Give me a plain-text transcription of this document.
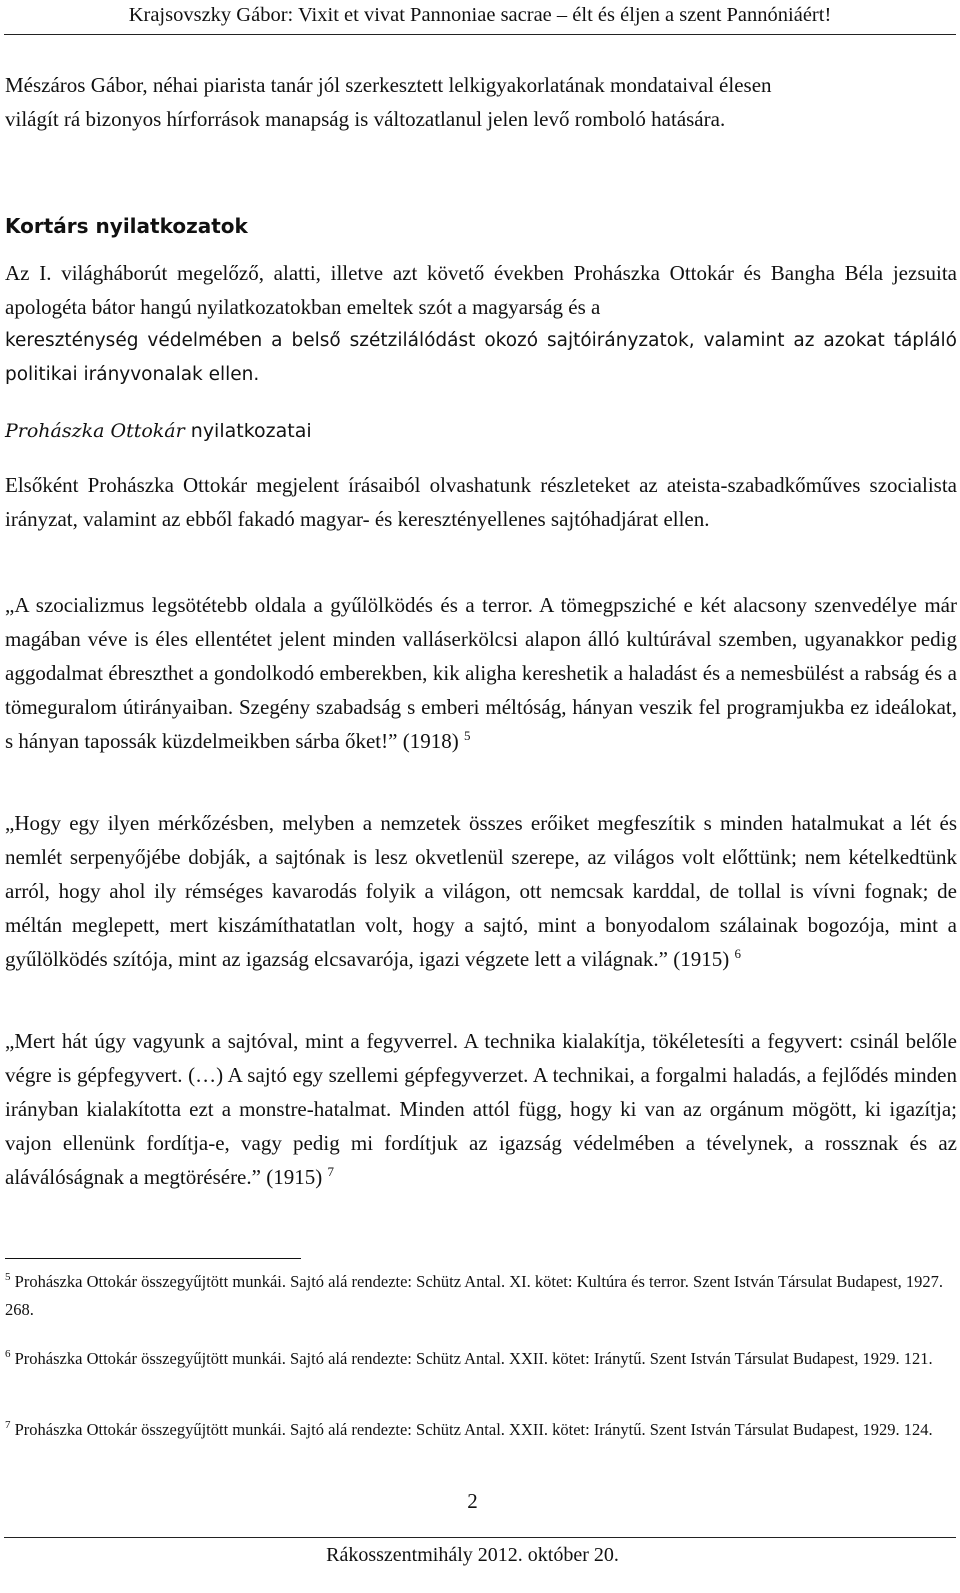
Krajsovszky Gábor: Vixit et vivat Pannoniae sacrae – élt és éljen a szent Pannóniáért!

Mészáros Gábor, néhai piarista tanár jól szerkesztett lelkigyakorlatának mondataival élesen

világít rá bizonyos hírforrások manapság is változatlanul jelen levő romboló hatására.

Kortárs nyilatkozatok

Az I. világháborút megelőző, alatti, illetve azt követő években Prohászka Ottokár és Bangha Béla jezsuita apologéta bátor hangú nyilatkozatokban emeltek szót a magyarság és a

kereszténység védelmében a belső szétzilálódást okozó sajtóirányzatok, valamint az azokat tápláló politikai irányvonalak ellen.

Prohászka Ottokár nyilatkozatai

Elsőként Prohászka Ottokár megjelent írásaiból olvashatunk részleteket az ateista-szabadkőműves szocialista irányzat, valamint az ebből fakadó magyar- és keresztényellenes sajtóhadjárat ellen.

„A szocializmus legsötétebb oldala a gyűlölködés és a terror. A tömegpsziché e két alacsony szenvedélye már magában véve is éles ellentétet jelent minden valláserkölcsi alapon álló kultúrával szemben, ugyanakkor pedig aggodalmat ébreszthet a gondolkodó emberekben, kik aligha kereshetik a haladást és a nemesbülést a rabság és a tömeguralom útirányaiban. Szegény szabadság s emberi méltóság, hányan veszik fel programjukba ez ideálokat, s hányan tapossák küzdelmeikben sárba őket!” (1918) $^5$

„Hogy egy ilyen mérkőzésben, melyben a nemzetek összes erőiket megfeszítik s minden hatalmukat a lét és nemlét serpenyőjébe dobják, a sajtónak is lesz okvetlenül szerepe, az világos volt előttünk; nem kételkedtünk arról, hogy ahol ily rémséges kavarodás folyik a világon, ott nemcsak karddal, de tollal is vívni fognak; de méltán meglepett, mert kiszámíthatatlan volt, hogy a sajtó, mint a bonyodalom szálainak bogozója, mint a gyűlölködés szítója, mint az igazság elcsavarója, igazi végzete lett a világnak.” (1915) $^6$

„Mert hát úgy vagyunk a sajtóval, mint a fegyverrel. A technika kialakítja, tökéletesíti a fegyvert: csinál belőle végre is gépfegyvert. (…) A sajtó egy szellemi gépfegyverzet. A technikai, a forgalmi haladás, a fejlődés minden irányban kialakította ezt a monstre-hatalmat. Minden attól függ, hogy ki van az orgánum mögött, ki igazítja; vajon ellenünk fordítja-e, vagy pedig mi fordítjuk az igazság védelmében a tévelynek, a rossznak és az aláválóságnak a megtörésére.” (1915) $^7$

$^5$ Prohászka Ottokár összegyűjtött munkái. Sajtó alá rendezte: Schütz Antal. XI. kötet: Kultúra és terror. Szent István Társulat Budapest, 1927. 268.

$^6$ Prohászka Ottokár összegyűjtött munkái. Sajtó alá rendezte: Schütz Antal. XXII. kötet: Iránytű. Szent István Társulat Budapest, 1929. 121.

$^7$ Prohászka Ottokár összegyűjtött munkái. Sajtó alá rendezte: Schütz Antal. XXII. kötet: Iránytű. Szent István Társulat Budapest, 1929. 124.

2
Rákosszentmihály 2012. október 20.
